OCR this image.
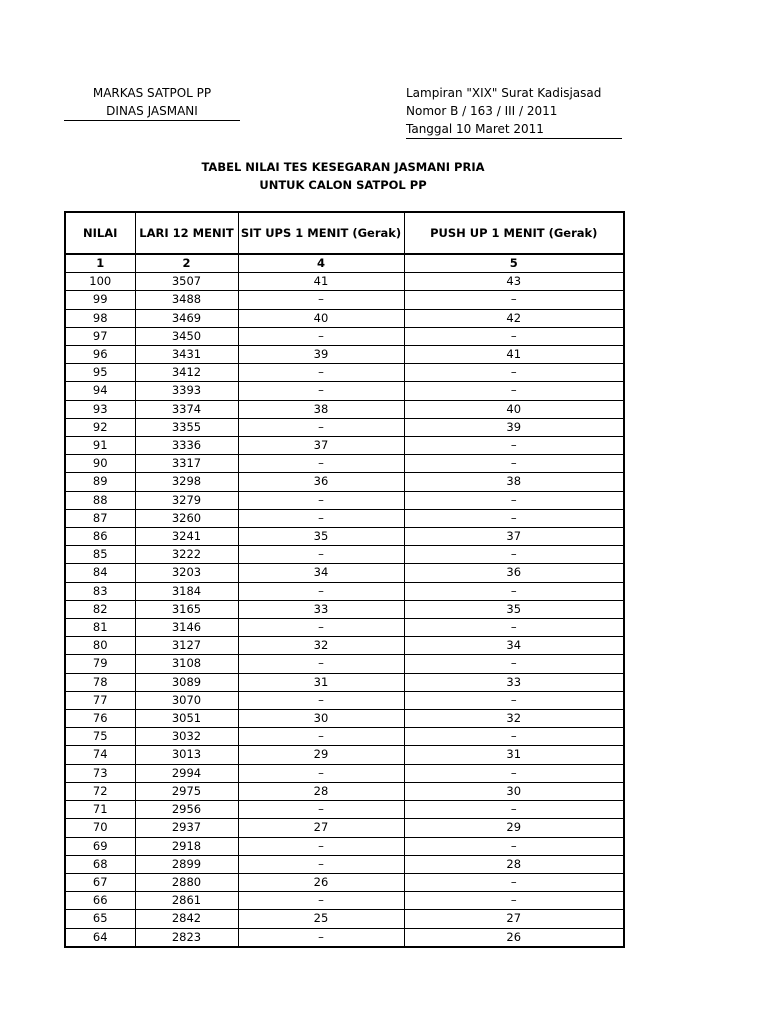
MARKAS SATPOL PP
DINAS JASMANI
Lampiran "XIX" Surat Kadisjasad
Nomor B / 163 / III / 2011
Tanggal 10 Maret 2011
TABEL NILAI TES KESEGARAN JASMANI PRIA
UNTUK CALON SATPOL PP
NILAI	LARI 12 MENIT	SIT UPS 1 MENIT (Gerak)	PUSH UP 1 MENIT (Gerak)
1	2	4	5
100	3507	41	43
99	3488	–	–
98	3469	40	42
97	3450	–	–
96	3431	39	41
95	3412	–	–
94	3393	–	–
93	3374	38	40
92	3355	–	39
91	3336	37	–
90	3317	–	–
89	3298	36	38
88	3279	–	–
87	3260	–	–
86	3241	35	37
85	3222	–	–
84	3203	34	36
83	3184	–	–
82	3165	33	35
81	3146	–	–
80	3127	32	34
79	3108	–	–
78	3089	31	33
77	3070	–	–
76	3051	30	32
75	3032	–	–
74	3013	29	31
73	2994	–	–
72	2975	28	30
71	2956	–	–
70	2937	27	29
69	2918	–	–
68	2899	–	28
67	2880	26	–
66	2861	–	–
65	2842	25	27
64	2823	–	26
